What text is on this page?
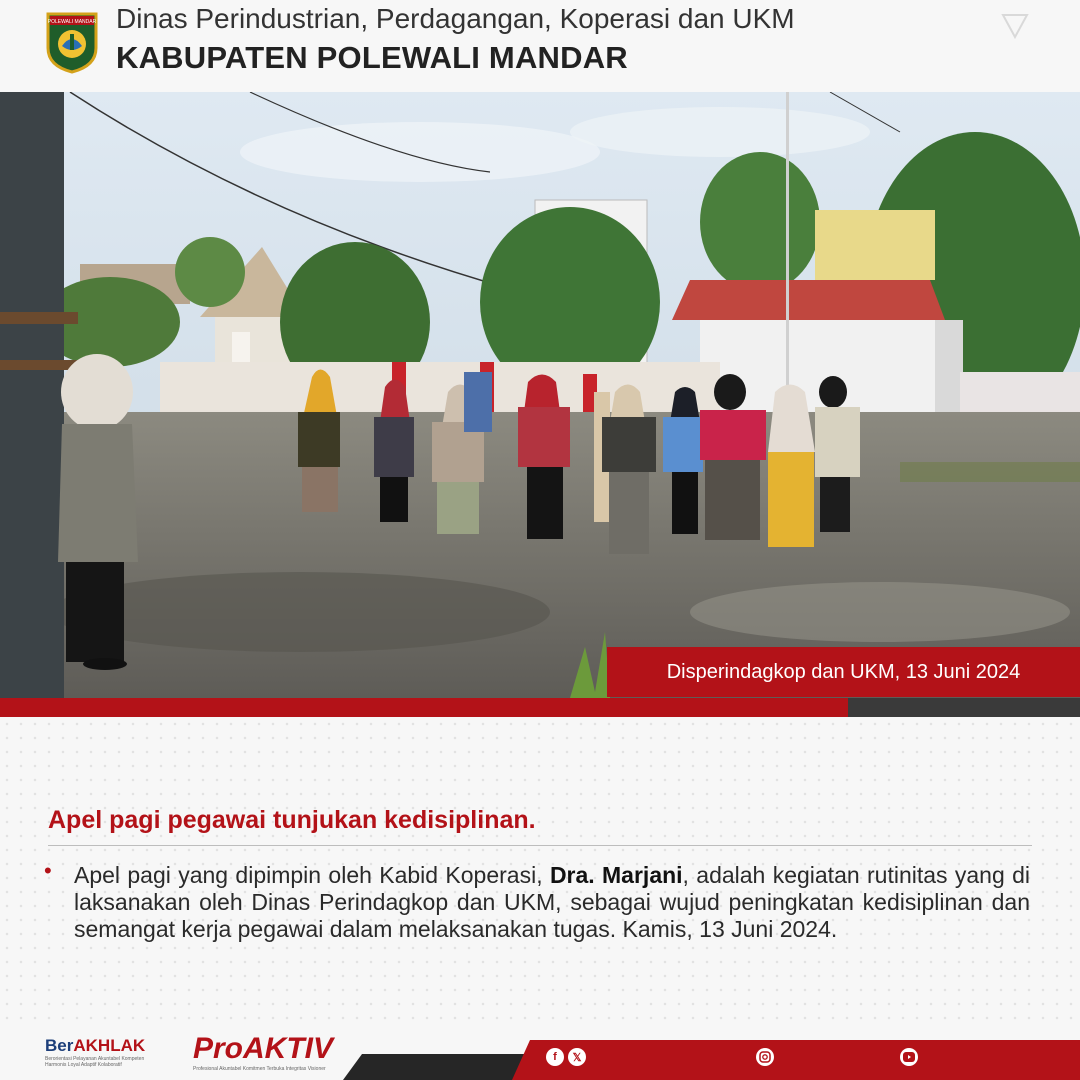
POLEWALI MANDAR Dinas Perindustrian, Perdagangan, Koperasi dan UKM
KABUPATEN POLEWALI MANDAR
Disperindagkop dan UKM, 13 Juni 2024
Apel pagi pegawai tunjukan kedisiplinan.
• Apel pagi yang dipimpin oleh Kabid Koperasi, Dra. Marjani, adalah kegiatan rutinitas yang di laksanakan oleh Dinas Perindagkop dan UKM, sebagai wujud peningkatan kedisiplinan dan semangat kerja pegawai dalam melaksanakan tugas. Kamis, 13 Juni 2024.
BerAKHLAK
Berorientasi Pelayanan Akuntabel Kompeten
Harmonis Loyal Adaptif Kolaboratif	ProAKTIV
Profesional Akuntabel Komitmen Terbuka Integritas Visioner
f	𝕏
